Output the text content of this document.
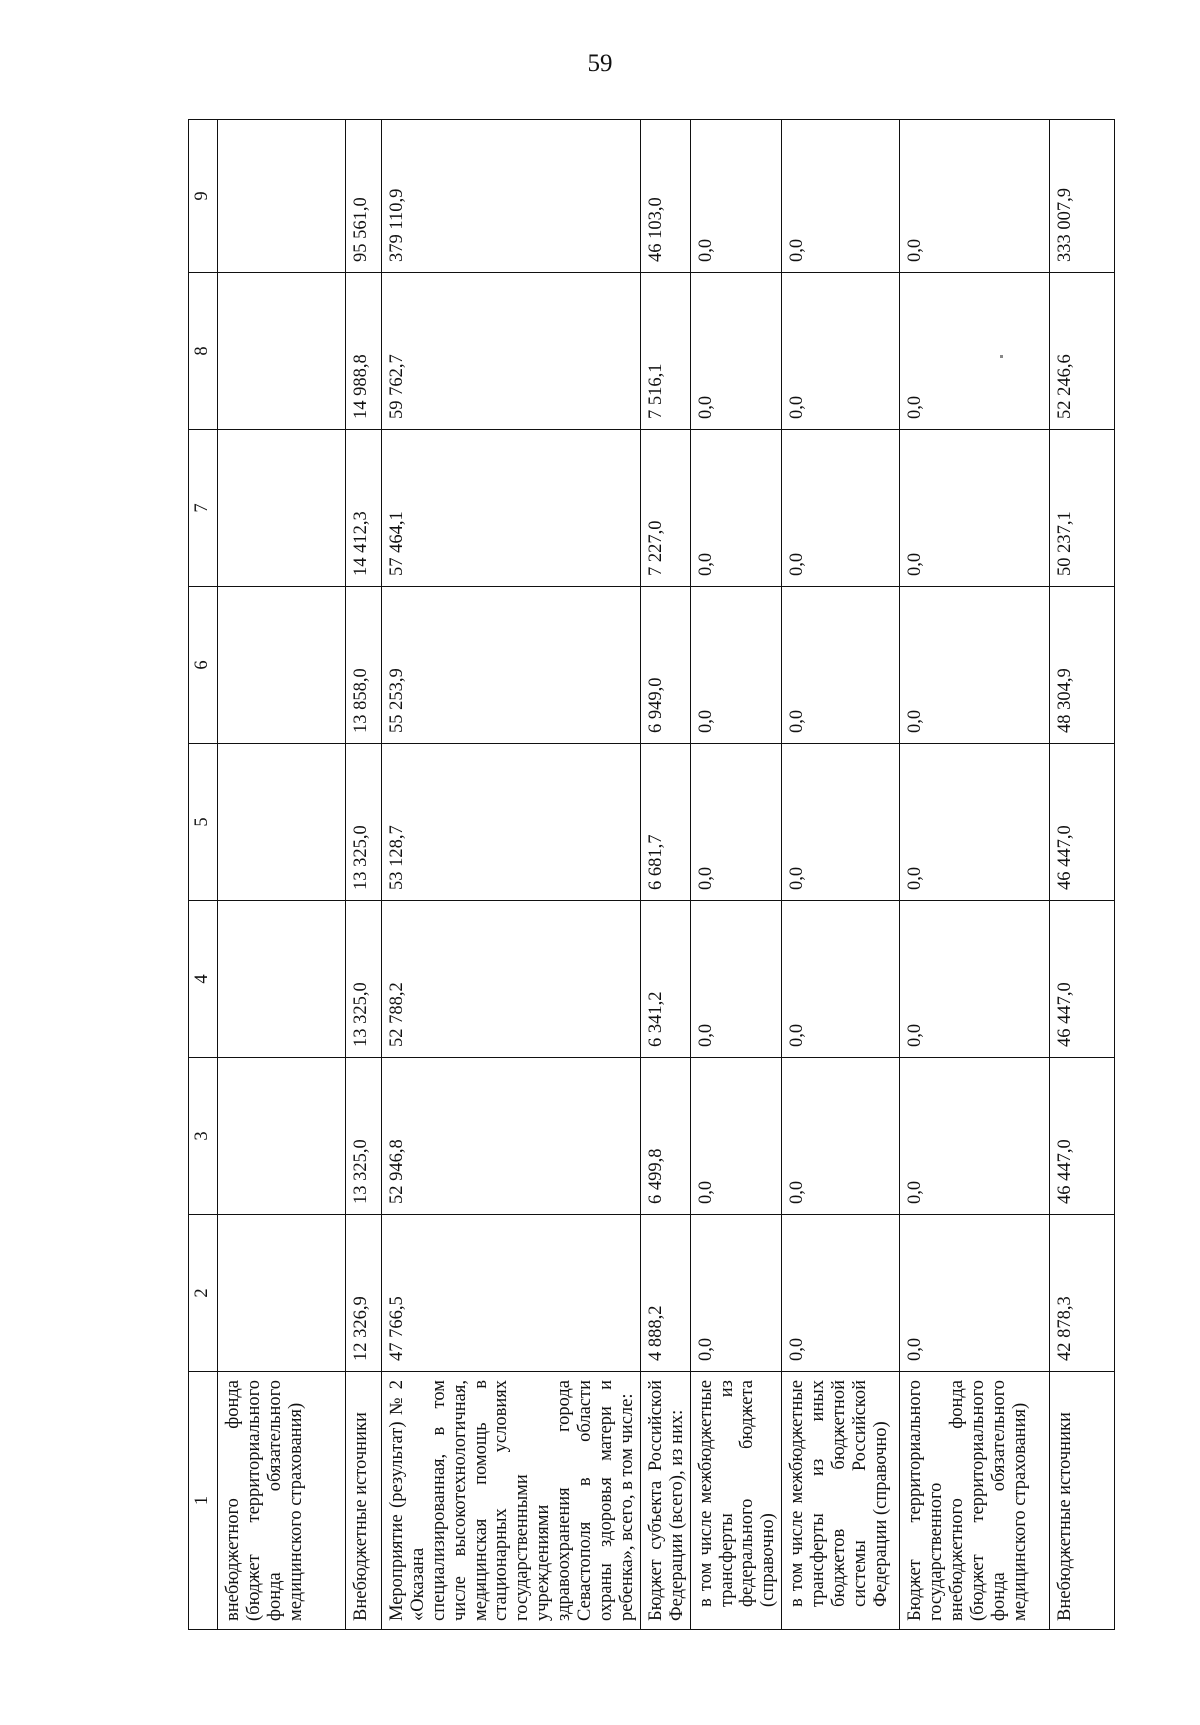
59
1	2	3	4	5	6	7	8	9
внебюджетного фонда (бюджет территориального фонда обязательного медицинского страхования)								
Внебюджетные источники	12 326,9	13 325,0	13 325,0	13 325,0	13 858,0	14 412,3	14 988,8	95 561,0
Мероприятие (результат) № 2 «Оказана специализированная, в том числе высокотехнологичная, медицинская помощь в стационарных условиях государственными учреждениями здравоохранения города Севастополя в области охраны здоровья матери и ребенка», всего, в том числе:	47 766,5	52 946,8	52 788,2	53 128,7	55 253,9	57 464,1	59 762,7	379 110,9
Бюджет субъекта Российской Федерации (всего), из них:	4 888,2	6 499,8	6 341,2	6 681,7	6 949,0	7 227,0	7 516,1	46 103,0
в том числе межбюджетные трансферты из федерального бюджета (справочно)	0,0	0,0	0,0	0,0	0,0	0,0	0,0	0,0
в том числе межбюджетные трансферты из иных бюджетов бюджетной системы Российской Федерации (справочно)	0,0	0,0	0,0	0,0	0,0	0,0	0,0	0,0
Бюджет территориального государственного внебюджетного фонда (бюджет территориального фонда обязательного медицинского страхования)	0,0	0,0	0,0	0,0	0,0	0,0	0,0	0,0
Внебюджетные источники	42 878,3	46 447,0	46 447,0	46 447,0	48 304,9	50 237,1	52 246,6	333 007,9
